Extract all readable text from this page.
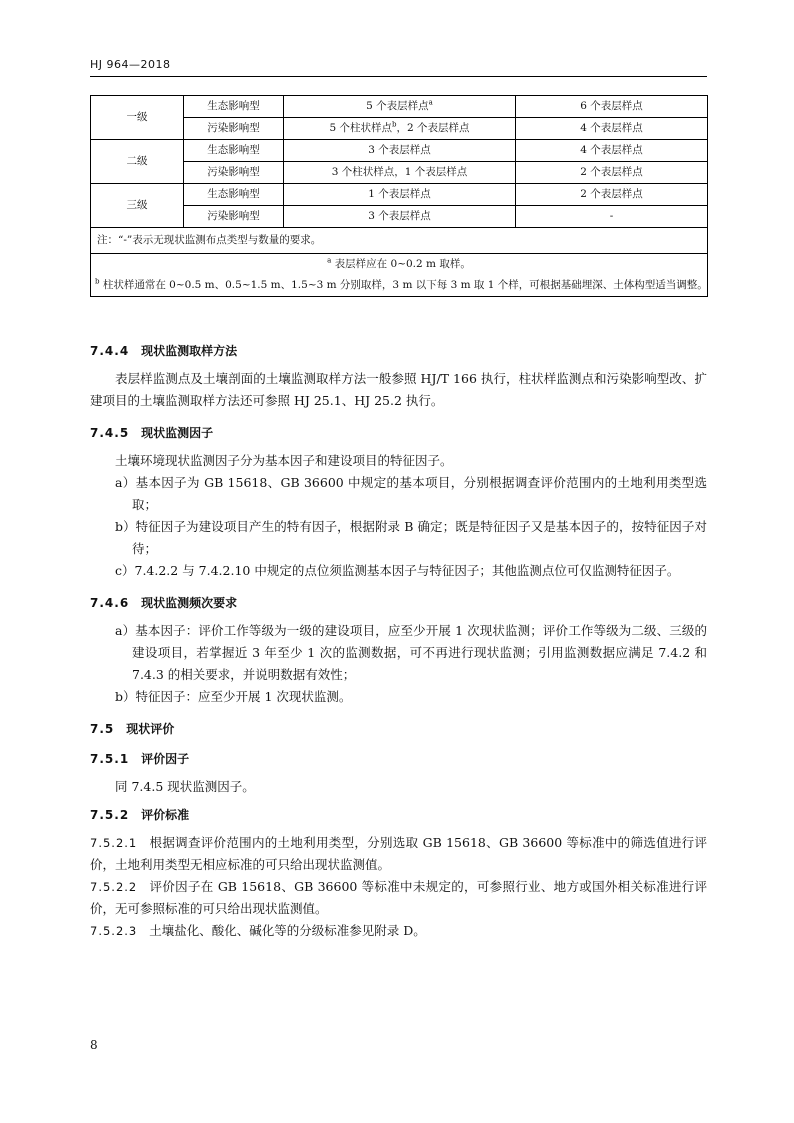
HJ 964—2018
一级	生态影响型	5 个表层样点$^a$	6 个表层样点
	污染影响型	5 个柱状样点$^b$，2 个表层样点	4 个表层样点
二级	生态影响型	3 个表层样点	4 个表层样点
	污染影响型	3 个柱状样点，1 个表层样点	2 个表层样点
三级	生态影响型	1 个表层样点	2 个表层样点
	污染影响型	3 个表层样点	-
注：“-”表示无现状监测布点类型与数量的要求。			

$^a$ 表层样应在 0~0.2 m 取样。
$^b$ 柱状样通常在 0~0.5 m、0.5~1.5 m、1.5~3 m 分别取样，3 m 以下每 3 m 取 1 个样，可根据基础埋深、土体构型适当调整。			
7.4.4 现状监测取样方法

表层样监测点及土壤剖面的土壤监测取样方法一般参照 HJ/T 166 执行，柱状样监测点和污染影响型改、扩建项目的土壤监测取样方法还可参照 HJ 25.1、HJ 25.2 执行。

7.4.5 现状监测因子

土壤环境现状监测因子分为基本因子和建设项目的特征因子。

a）基本因子为 GB 15618、GB 36600 中规定的基本项目，分别根据调查评价范围内的土地利用类型选取；

b）特征因子为建设项目产生的特有因子，根据附录 B 确定；既是特征因子又是基本因子的，按特征因子对待；

c）7.4.2.2 与 7.4.2.10 中规定的点位须监测基本因子与特征因子；其他监测点位可仅监测特征因子。

7.4.6 现状监测频次要求

a）基本因子：评价工作等级为一级的建设项目，应至少开展 1 次现状监测；评价工作等级为二级、三级的建设项目，若掌握近 3 年至少 1 次的监测数据，可不再进行现状监测；引用监测数据应满足 7.4.2 和 7.4.3 的相关要求，并说明数据有效性；

b）特征因子：应至少开展 1 次现状监测。

7.5 现状评价
7.5.1 评价因子

同 7.4.5 现状监测因子。

7.5.2 评价标准

7.5.2.1 根据调查评价范围内的土地利用类型，分别选取 GB 15618、GB 36600 等标准中的筛选值进行评价，土地利用类型无相应标准的可只给出现状监测值。

7.5.2.2 评价因子在 GB 15618、GB 36600 等标准中未规定的，可参照行业、地方或国外相关标准进行评价，无可参照标准的可只给出现状监测值。

7.5.2.3 土壤盐化、酸化、碱化等的分级标准参见附录 D。

8
